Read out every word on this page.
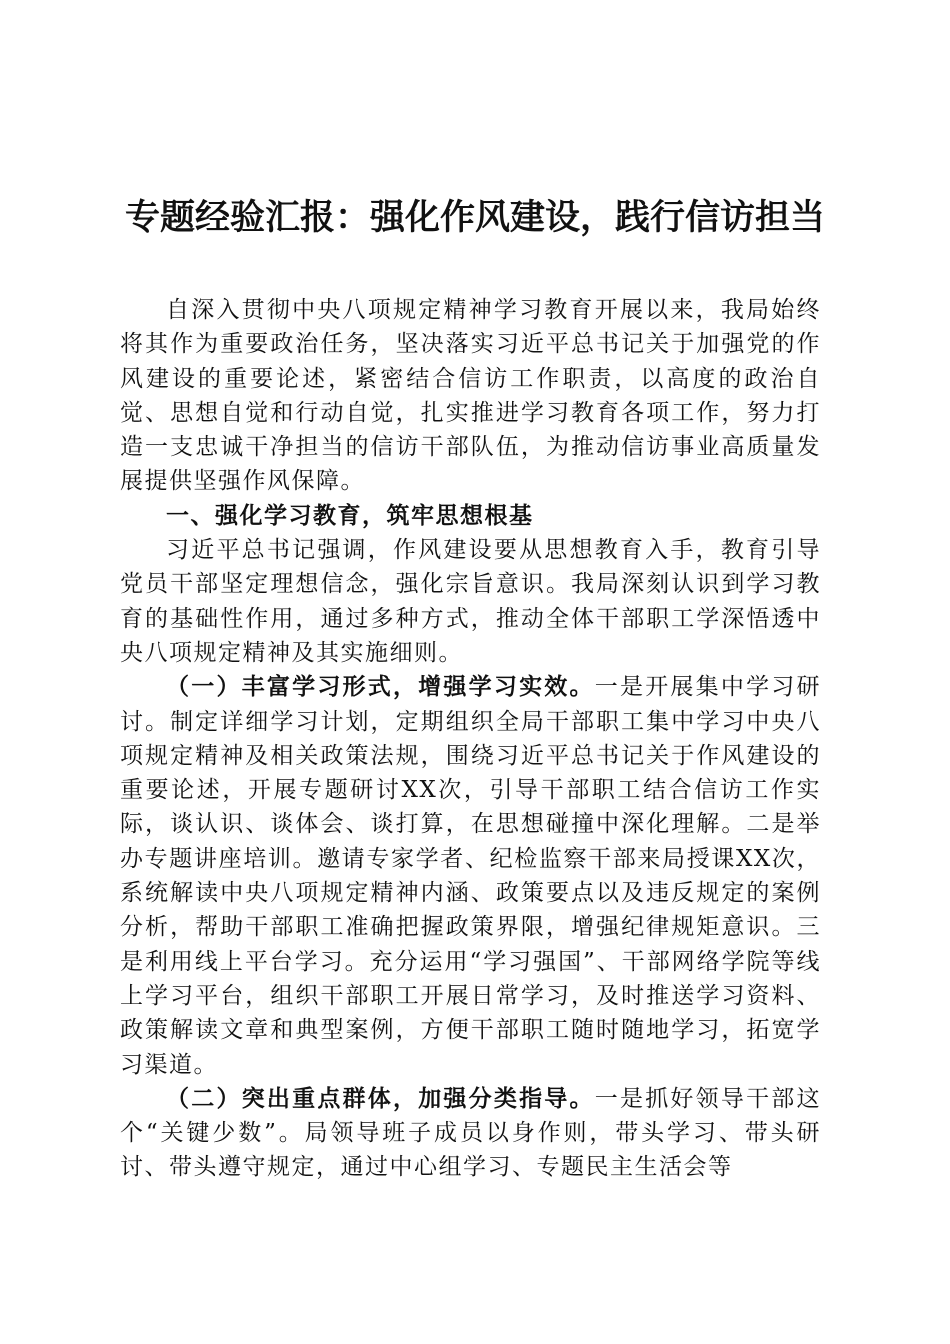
专题经验汇报：强化作风建设，践行信访担当

自深入贯彻中央八项规定精神学习教育开展以来，我局始终将其作为重要政治任务，坚决落实习近平总书记关于加强党的作风建设的重要论述，紧密结合信访工作职责，以高度的政治自觉、思想自觉和行动自觉，扎实推进学习教育各项工作，努力打造一支忠诚干净担当的信访干部队伍，为推动信访事业高质量发展提供坚强作风保障。

一、强化学习教育，筑牢思想根基

习近平总书记强调，作风建设要从思想教育入手，教育引导党员干部坚定理想信念，强化宗旨意识。我局深刻认识到学习教育的基础性作用，通过多种方式，推动全体干部职工学深悟透中央八项规定精神及其实施细则。

（一）丰富学习形式，增强学习实效。一是开展集中学习研讨。制定详细学习计划，定期组织全局干部职工集中学习中央八项规定精神及相关政策法规，围绕习近平总书记关于作风建设的重要论述，开展专题研讨XX次，引导干部职工结合信访工作实际，谈认识、谈体会、谈打算，在思想碰撞中深化理解。二是举办专题讲座培训。邀请专家学者、纪检监察干部来局授课XX次，系统解读中央八项规定精神内涵、政策要点以及违反规定的案例分析，帮助干部职工准确把握政策界限，增强纪律规矩意识。三是利用线上平台学习。充分运用“学习强国”、干部网络学院等线上学习平台，组织干部职工开展日常学习，及时推送学习资料、政策解读文章和典型案例，方便干部职工随时随地学习，拓宽学习渠道。

（二）突出重点群体，加强分类指导。一是抓好领导干部这个“关键少数”。局领导班子成员以身作则，带头学习、带头研讨、带头遵守规定，通过中心组学习、专题民主生活会等
